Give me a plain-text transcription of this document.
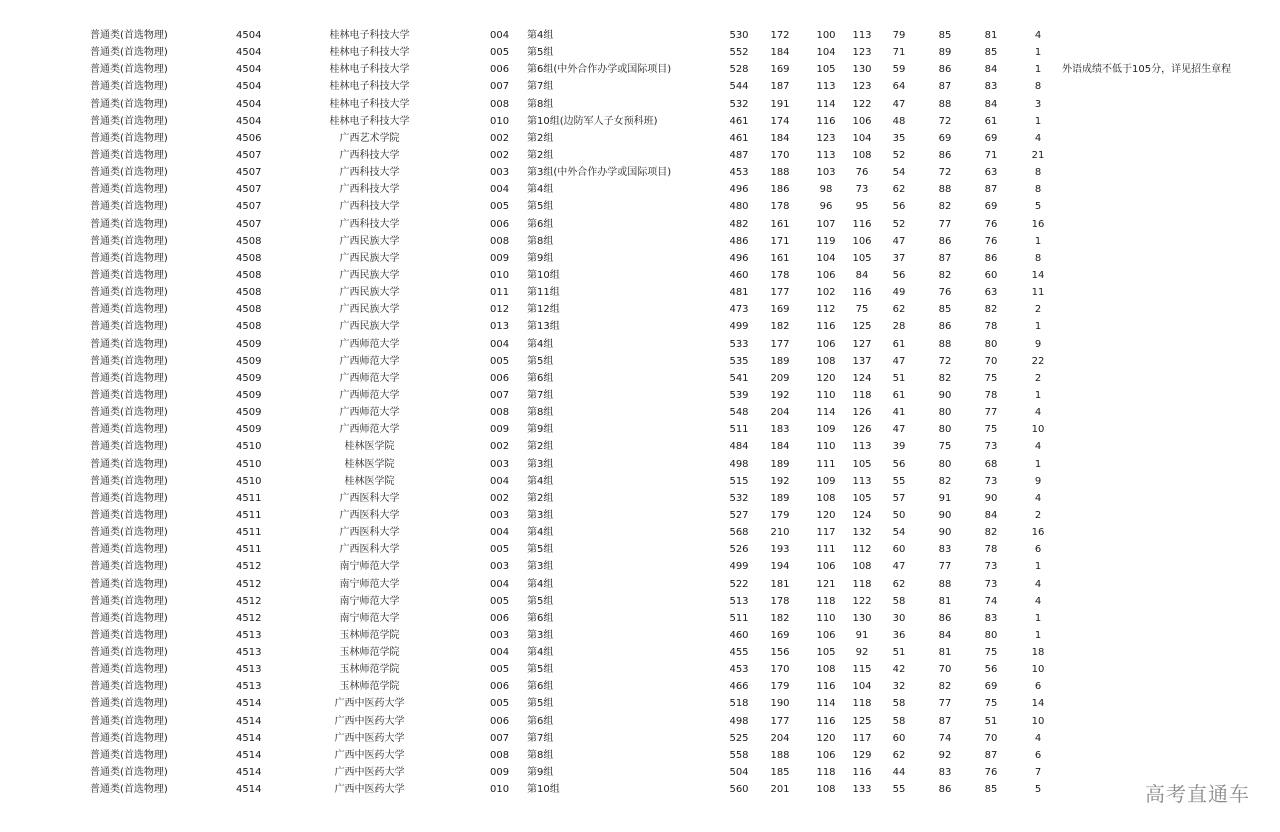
普通类(首选物理)	4504	桂林电子科技大学	004 第4组	530	172	100	113	79	85	81	4
普通类(首选物理)	4504	桂林电子科技大学	005 第5组	552	184	104	123	71	89	85	1
普通类(首选物理)	4504	桂林电子科技大学	006 第6组(中外合作办学或国际项目)	528	169	105	130	59	86	84	1	外语成绩不低于105分，详见招生章程
普通类(首选物理)	4504	桂林电子科技大学	007 第7组	544	187	113	123	64	87	83	8
普通类(首选物理)	4504	桂林电子科技大学	008 第8组	532	191	114	122	47	88	84	3
普通类(首选物理)	4504	桂林电子科技大学	010 第10组(边防军人子女预科班)	461	174	116	106	48	72	61	1
普通类(首选物理)	4506	广西艺术学院	002 第2组	461	184	123	104	35	69	69	4
普通类(首选物理)	4507	广西科技大学	002 第2组	487	170	113	108	52	86	71	21
普通类(首选物理)	4507	广西科技大学	003 第3组(中外合作办学或国际项目)	453	188	103	76	54	72	63	8
普通类(首选物理)	4507	广西科技大学	004 第4组	496	186	98	73	62	88	87	8
普通类(首选物理)	4507	广西科技大学	005 第5组	480	178	96	95	56	82	69	5
普通类(首选物理)	4507	广西科技大学	006 第6组	482	161	107	116	52	77	76	16
普通类(首选物理)	4508	广西民族大学	008 第8组	486	171	119	106	47	86	76	1
普通类(首选物理)	4508	广西民族大学	009 第9组	496	161	104	105	37	87	86	8
普通类(首选物理)	4508	广西民族大学	010 第10组	460	178	106	84	56	82	60	14
普通类(首选物理)	4508	广西民族大学	011 第11组	481	177	102	116	49	76	63	11
普通类(首选物理)	4508	广西民族大学	012 第12组	473	169	112	75	62	85	82	2
普通类(首选物理)	4508	广西民族大学	013 第13组	499	182	116	125	28	86	78	1
普通类(首选物理)	4509	广西师范大学	004 第4组	533	177	106	127	61	88	80	9
普通类(首选物理)	4509	广西师范大学	005 第5组	535	189	108	137	47	72	70	22
普通类(首选物理)	4509	广西师范大学	006 第6组	541	209	120	124	51	82	75	2
普通类(首选物理)	4509	广西师范大学	007 第7组	539	192	110	118	61	90	78	1
普通类(首选物理)	4509	广西师范大学	008 第8组	548	204	114	126	41	80	77	4
普通类(首选物理)	4509	广西师范大学	009 第9组	511	183	109	126	47	80	75	10
普通类(首选物理)	4510	桂林医学院	002 第2组	484	184	110	113	39	75	73	4
普通类(首选物理)	4510	桂林医学院	003 第3组	498	189	111	105	56	80	68	1
普通类(首选物理)	4510	桂林医学院	004 第4组	515	192	109	113	55	82	73	9
普通类(首选物理)	4511	广西医科大学	002 第2组	532	189	108	105	57	91	90	4
普通类(首选物理)	4511	广西医科大学	003 第3组	527	179	120	124	50	90	84	2
普通类(首选物理)	4511	广西医科大学	004 第4组	568	210	117	132	54	90	82	16
普通类(首选物理)	4511	广西医科大学	005 第5组	526	193	111	112	60	83	78	6
普通类(首选物理)	4512	南宁师范大学	003 第3组	499	194	106	108	47	77	73	1
普通类(首选物理)	4512	南宁师范大学	004 第4组	522	181	121	118	62	88	73	4
普通类(首选物理)	4512	南宁师范大学	005 第5组	513	178	118	122	58	81	74	4
普通类(首选物理)	4512	南宁师范大学	006 第6组	511	182	110	130	30	86	83	1
普通类(首选物理)	4513	玉林师范学院	003 第3组	460	169	106	91	36	84	80	1
普通类(首选物理)	4513	玉林师范学院	004 第4组	455	156	105	92	51	81	75	18
普通类(首选物理)	4513	玉林师范学院	005 第5组	453	170	108	115	42	70	56	10
普通类(首选物理)	4513	玉林师范学院	006 第6组	466	179	116	104	32	82	69	6
普通类(首选物理)	4514	广西中医药大学	005 第5组	518	190	114	118	58	77	75	14
普通类(首选物理)	4514	广西中医药大学	006 第6组	498	177	116	125	58	87	51	10
普通类(首选物理)	4514	广西中医药大学	007 第7组	525	204	120	117	60	74	70	4
普通类(首选物理)	4514	广西中医药大学	008 第8组	558	188	106	129	62	92	87	6
普通类(首选物理)	4514	广西中医药大学	009 第9组	504	185	118	116	44	83	76	7
普通类(首选物理)	4514	广西中医药大学	010 第10组	560	201	108	133	55	86	85	5	高考直通车
